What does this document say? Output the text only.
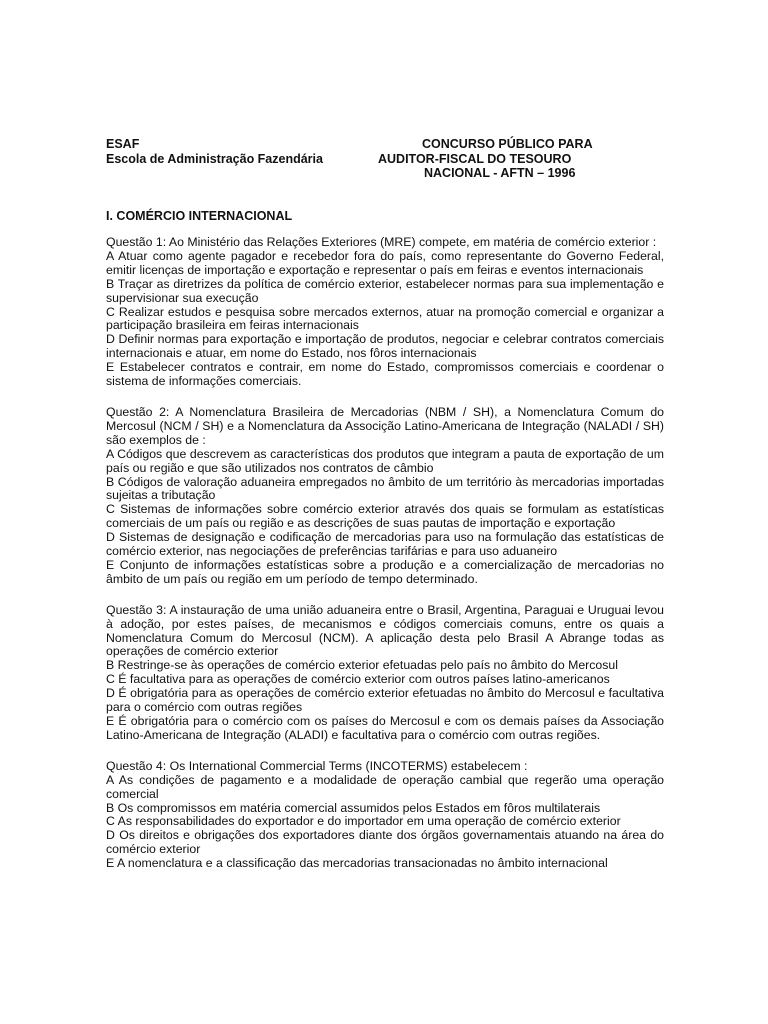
ESAF
Escola de Administração Fazendária
CONCURSO PÚBLICO PARA
AUDITOR-FISCAL DO TESOURO
NACIONAL - AFTN – 1996
I. COMÉRCIO INTERNACIONAL

Questão 1: Ao Ministério das Relações Exteriores (MRE) compete, em matéria de comércio exterior :

A Atuar como agente pagador e recebedor fora do país, como representante do Governo Federal, emitir licenças de importação e exportação e representar o país em feiras e eventos internacionais

B Traçar as diretrizes da política de comércio exterior, estabelecer normas para sua implementação e supervisionar sua execução

C Realizar estudos e pesquisa sobre mercados externos, atuar na promoção comercial e organizar a participação brasileira em feiras internacionais

D Definir normas para exportação e importação de produtos, negociar e celebrar contratos comerciais internacionais e atuar, em nome do Estado, nos fôros internacionais

E Estabelecer contratos e contrair, em nome do Estado, compromissos comerciais e coordenar o sistema de informações comerciais.

Questão 2: A Nomenclatura Brasileira de Mercadorias (NBM / SH), a Nomenclatura Comum do Mercosul (NCM / SH) e a Nomenclatura da Associção Latino-Americana de Integração (NALADI / SH) são exemplos de :

A Códigos que descrevem as características dos produtos que integram a pauta de exportação de um país ou região e que são utilizados nos contratos de câmbio

B Códigos de valoração aduaneira empregados no âmbito de um território às mercadorias importadas sujeitas a tributação

C Sistemas de informações sobre comércio exterior através dos quais se formulam as estatísticas comerciais de um país ou região e as descrições de suas pautas de importação e exportação

D Sistemas de designação e codificação de mercadorias para uso na formulação das estatísticas de comércio exterior, nas negociações de preferências tarifárias e para uso aduaneiro

E Conjunto de informações estatísticas sobre a produção e a comercialização de mercadorias no âmbito de um país ou região em um período de tempo determinado.

Questão 3: A instauração de uma união aduaneira entre o Brasil, Argentina, Paraguai e Uruguai levou à adoção, por estes países, de mecanismos e códigos comerciais comuns, entre os quais a Nomenclatura Comum do Mercosul (NCM). A aplicação desta pelo Brasil A Abrange todas as operações de comércio exterior

B Restringe-se às operações de comércio exterior efetuadas pelo país no âmbito do Mercosul

C É facultativa para as operações de comércio exterior com outros países latino-americanos

D É obrigatória para as operações de comércio exterior efetuadas no âmbito do Mercosul e facultativa para o comércio com outras regiões

E É obrigatória para o comércio com os países do Mercosul e com os demais países da Associação Latino-Americana de Integração (ALADI) e facultativa para o comércio com outras regiões.

Questão 4: Os International Commercial Terms (INCOTERMS) estabelecem :

A As condições de pagamento e a modalidade de operação cambial que regerão uma operação comercial

B Os compromissos em matéria comercial assumidos pelos Estados em fôros multilaterais

C As responsabilidades do exportador e do importador em uma operação de comércio exterior

D Os direitos e obrigações dos exportadores diante dos órgãos governamentais atuando na área do comércio exterior

E A nomenclatura e a classificação das mercadorias transacionadas no âmbito internacional
